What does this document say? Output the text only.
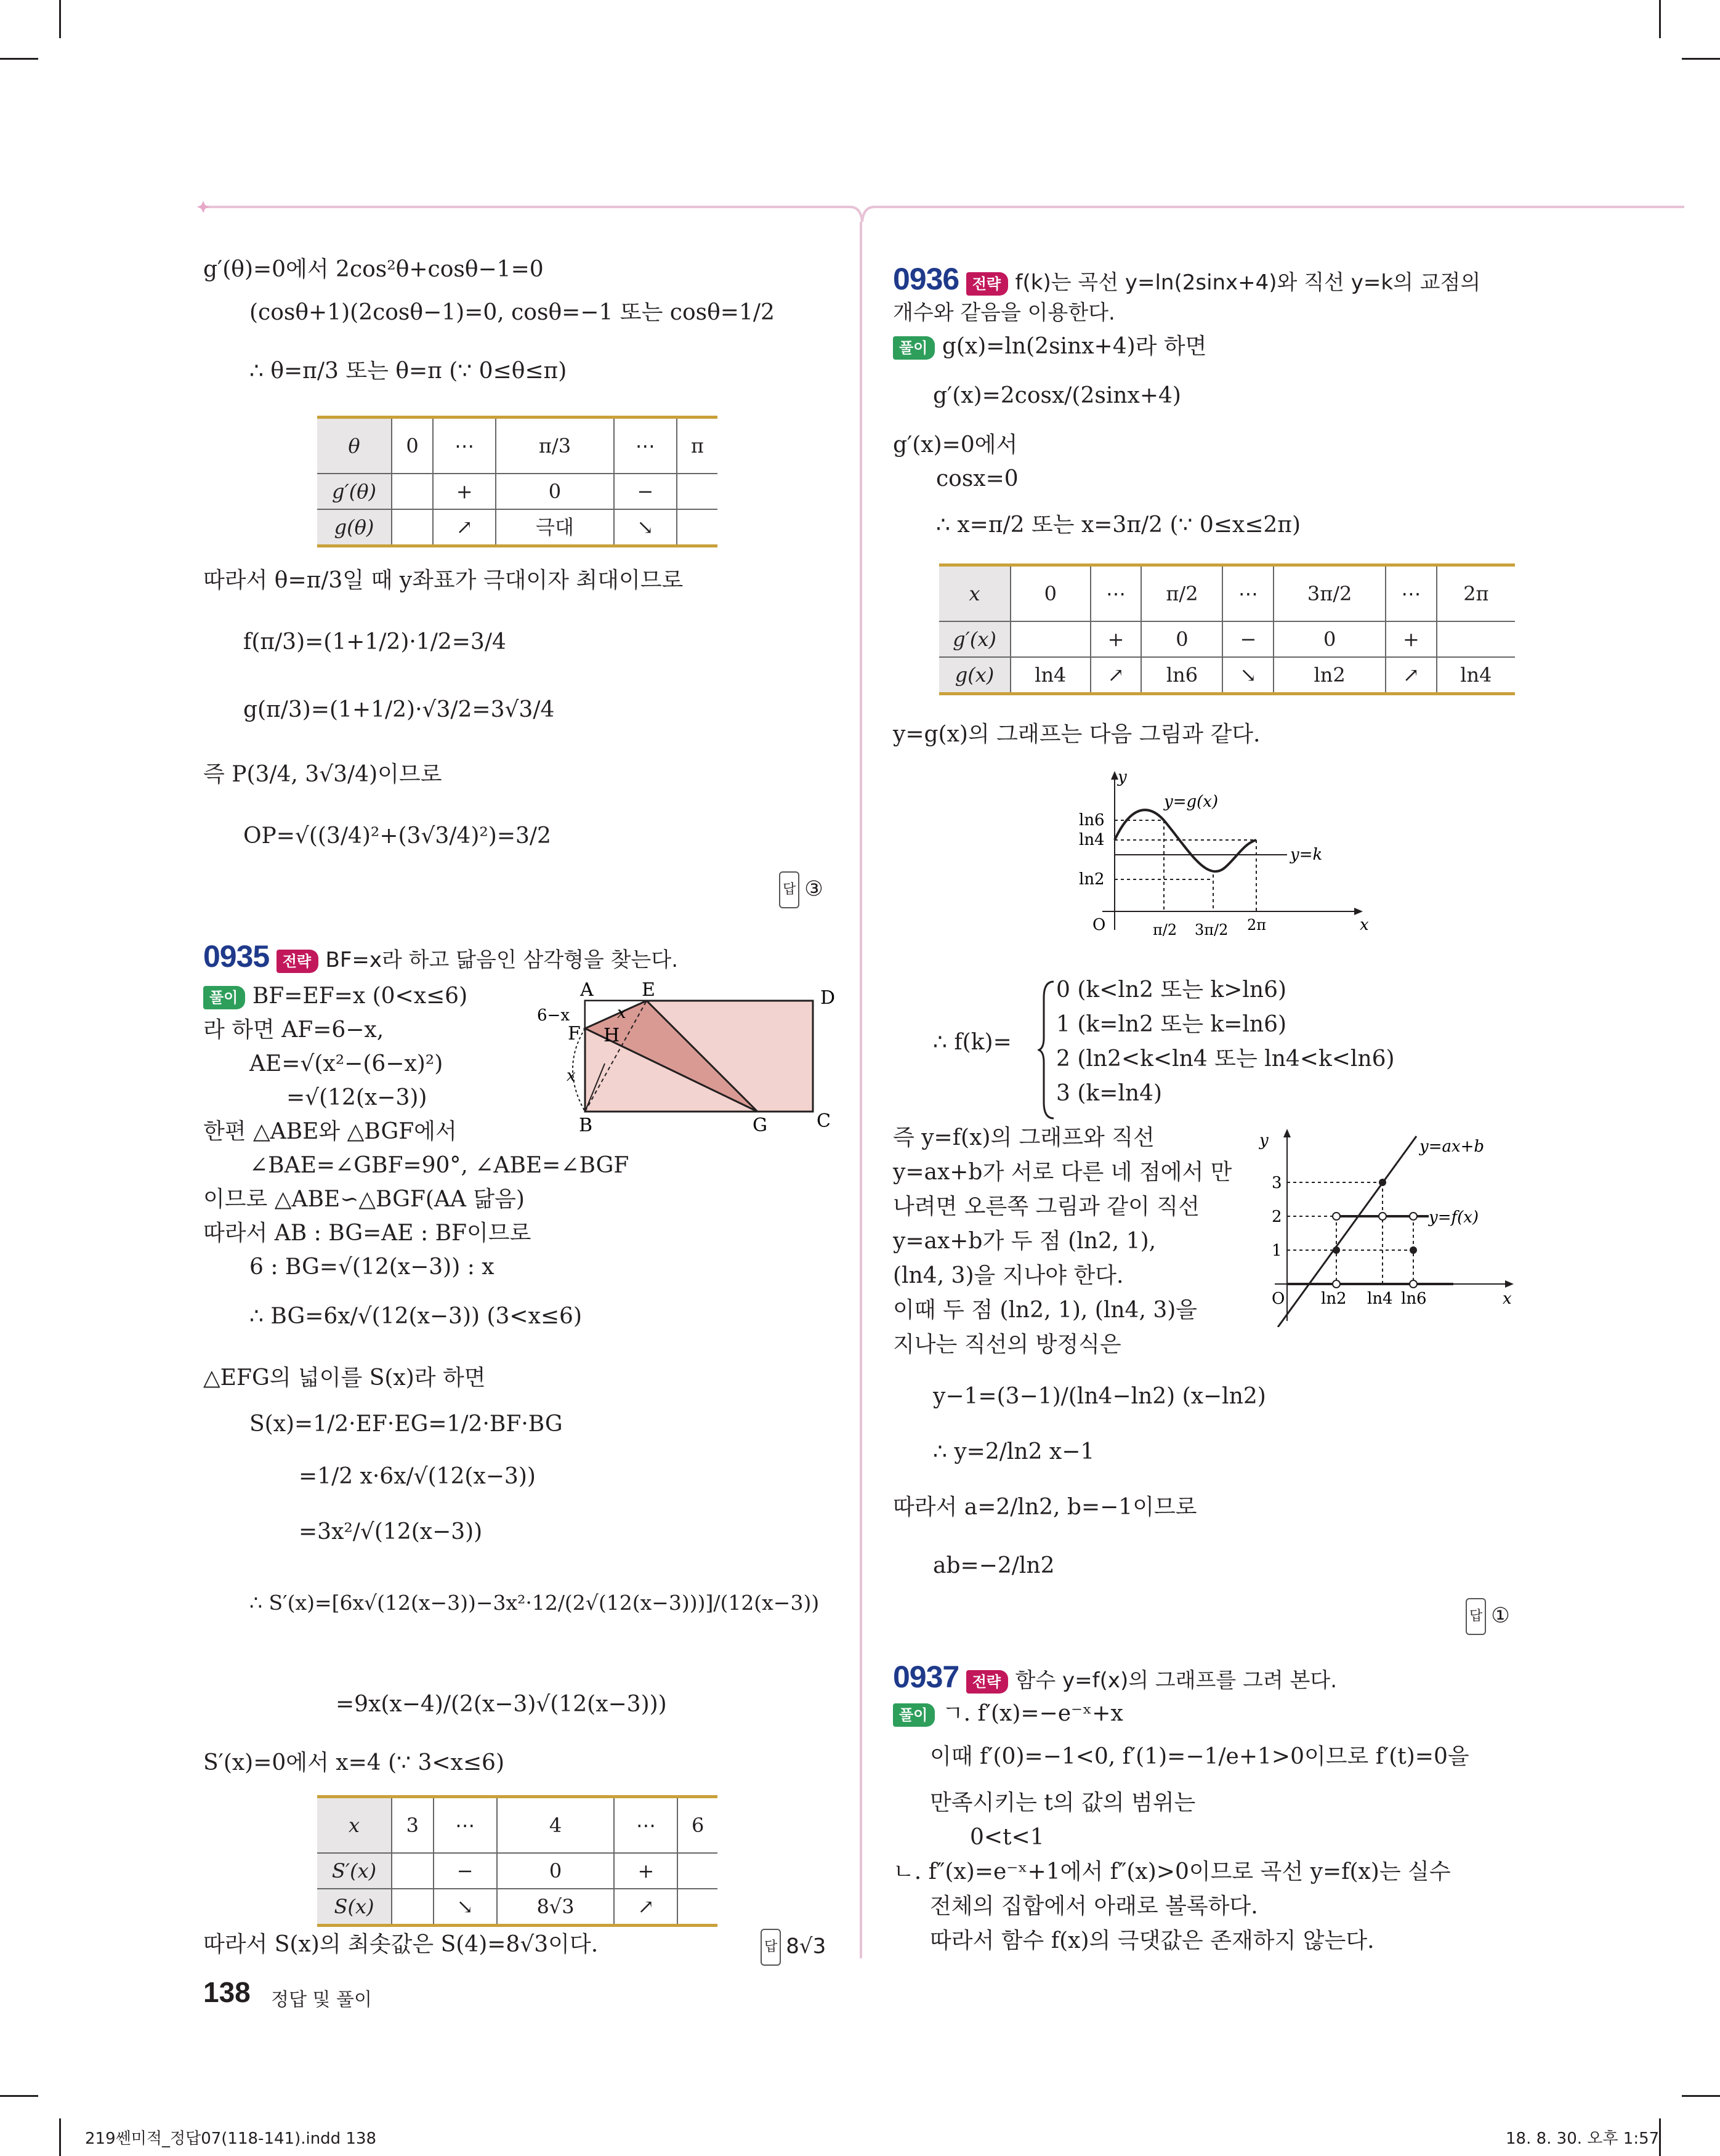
g′(θ)=0에서 2cos²θ+cosθ−1=0
(cosθ+1)(2cosθ−1)=0, cosθ=−1 또는 cosθ=1/2
∴ θ=π/3 또는 θ=π (∵ 0≤θ≤π)
θ	0	⋯	π/3	⋯	π
g′(θ)		+	0	−	
g(θ)		↗	극대	↘	
따라서 θ=π/3일 때 y좌표가 극대이자 최대이므로
f(π/3)=(1+1/2)·1/2=3/4
g(π/3)=(1+1/2)·√3/2=3√3/4
즉 P(3/4, 3√3/4)이므로
OP=√((3/4)²+(3√3/4)²)=3/2
답 ③
0935 전략 BF=x라 하고 닮음인 삼각형을 찾는다.
풀이 BF=EF=x (0<x≤6)
라 하면 AF=6−x,
AE=√(x²−(6−x)²)
=√(12(x−3))
한편 △ABE와 △BGF에서
∠BAE=∠GBF=90°, ∠ABE=∠BGF
이므로 △ABE∽△BGF(AA 닮음)
따라서 AB : BG=AE : BF이므로
6 : BG=√(12(x−3)) : x
∴ BG=6x/√(12(x−3)) (3<x≤6)
△EFG의 넓이를 S(x)라 하면
S(x)=1/2·EF·EG=1/2·BF·BG
=1/2 x·6x/√(12(x−3))
=3x²/√(12(x−3))
∴ S′(x)=[6x√(12(x−3))−3x²·12/(2√(12(x−3)))]/(12(x−3))
=9x(x−4)/(2(x−3)√(12(x−3)))
S′(x)=0에서 x=4 (∵ 3<x≤6)
A	E	D
6−x
F H
x
x
B	G	C
x	3	⋯	4	⋯	6
S′(x)		−	0	+	
S(x)		↘	8√3	↗	
따라서 S(x)의 최솟값은 S(4)=8√3이다.	답 8√3
0936 전략 f(k)는 곡선 y=ln(2sinx+4)와 직선 y=k의 교점의
개수와 같음을 이용한다.
풀이 g(x)=ln(2sinx+4)라 하면
g′(x)=2cosx/(2sinx+4)
g′(x)=0에서
cosx=0
∴ x=π/2 또는 x=3π/2 (∵ 0≤x≤2π)
x	0	⋯	π/2	⋯	3π/2	⋯	2π
g′(x)		+	0	−	0	+	
g(x)	ln4	↗	ln6	↘	ln2	↗	ln4
y=g(x)의 그래프는 다음 그림과 같다.
y
y=g(x)
ln6
ln4
ln2
y=k
O	π/2 3π/2 2π	x
∴ f(k)=
0 (k<ln2 또는 k>ln6)
1 (k=ln2 또는 k=ln6)
2 (ln2<k<ln4 또는 ln4<k<ln6)
3 (k=ln4)
즉 y=f(x)의 그래프와 직선
y=ax+b가 서로 다른 네 점에서 만
나려면 오른쪽 그림과 같이 직선
y=ax+b가 두 점 (ln2, 1),
(ln4, 3)을 지나야 한다.
이때 두 점 (ln2, 1), (ln4, 3)을
지나는 직선의 방정식은
y−1=(3−1)/(ln4−ln2) (x−ln2)
∴ y=2/ln2 x−1
따라서 a=2/ln2, b=−1이므로
ab=−2/ln2
y	y=ax+b
3
2
1
y=f(x)
O ln2 ln4 ln6	x
답 ①
0937 전략 함수 y=f(x)의 그래프를 그려 본다.
풀이 ㄱ. f′(x)=−e⁻ˣ+x
이때 f′(0)=−1<0, f′(1)=−1/e+1>0이므로 f′(t)=0을
만족시키는 t의 값의 범위는
0<t<1
ㄴ. f″(x)=e⁻ˣ+1에서 f″(x)>0이므로 곡선 y=f(x)는 실수
전체의 집합에서 아래로 볼록하다.
따라서 함수 f(x)의 극댓값은 존재하지 않는다.
138 정답 및 풀이
219쎈미적_정답07(118-141).indd 138	18. 8. 30. 오후 1:57
